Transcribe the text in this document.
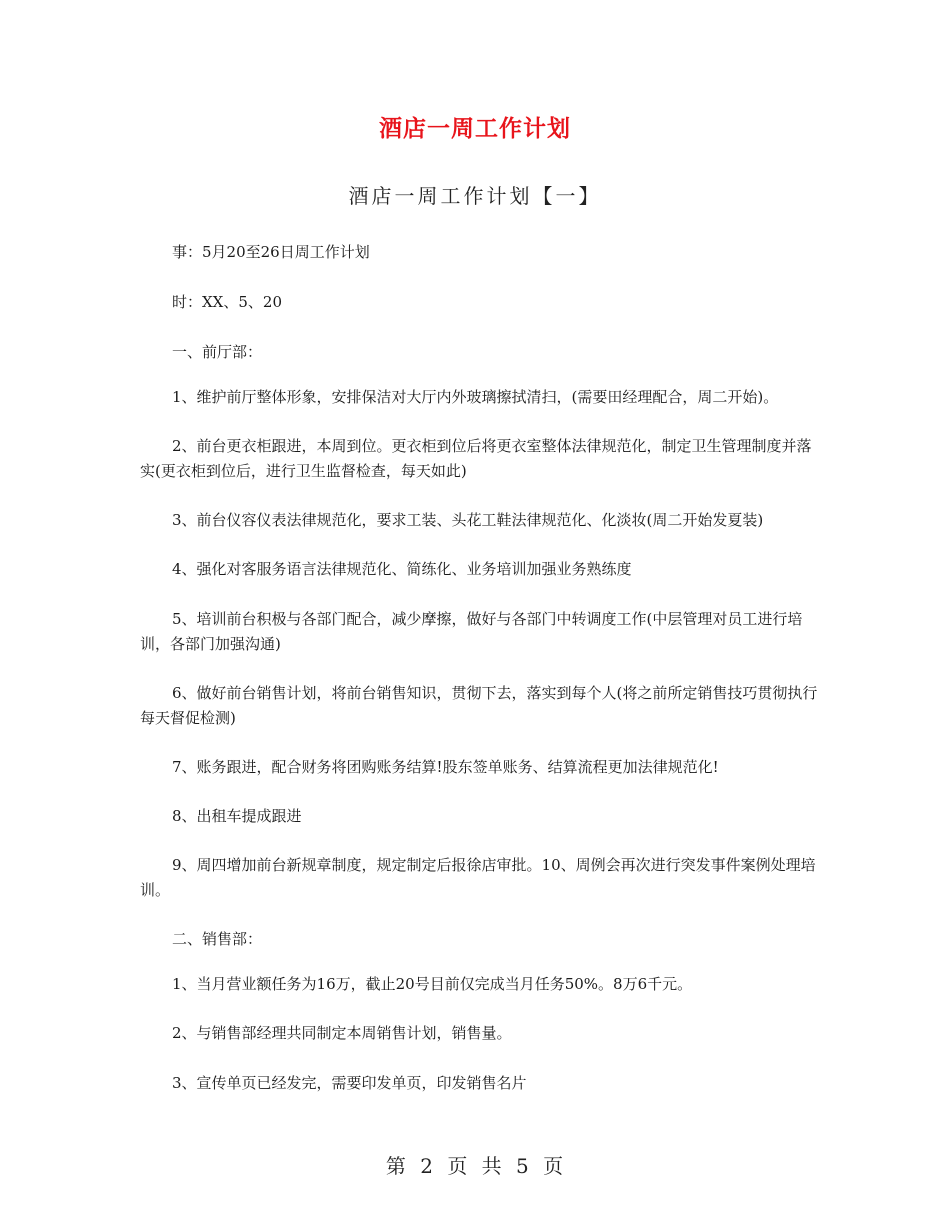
酒店一周工作计划
酒店一周工作计划【一】

事：5月20至26日周工作计划

时：XX、5、20

一、前厅部：

1、维护前厅整体形象，安排保洁对大厅内外玻璃擦拭清扫，(需要田经理配合，周二开始)。

2、前台更衣柜跟进，本周到位。更衣柜到位后将更衣室整体法律规范化，制定卫生管理制度并落实(更衣柜到位后，进行卫生监督检查，每天如此)

3、前台仪容仪表法律规范化，要求工装、头花工鞋法律规范化、化淡妆(周二开始发夏装)

4、强化对客服务语言法律规范化、简练化、业务培训加强业务熟练度

5、培训前台积极与各部门配合，减少摩擦，做好与各部门中转调度工作(中层管理对员工进行培训，各部门加强沟通)

6、做好前台销售计划，将前台销售知识，贯彻下去，落实到每个人(将之前所定销售技巧贯彻执行每天督促检测)

7、账务跟进，配合财务将团购账务结算!股东签单账务、结算流程更加法律规范化!

8、出租车提成跟进

9、周四增加前台新规章制度，规定制定后报徐店审批。10、周例会再次进行突发事件案例处理培训。

二、销售部：

1、当月营业额任务为16万，截止20号目前仅完成当月任务50%。8万6千元。

2、与销售部经理共同制定本周销售计划，销售量。

3、宣传单页已经发完，需要印发单页，印发销售名片

第 2 页 共 5 页
